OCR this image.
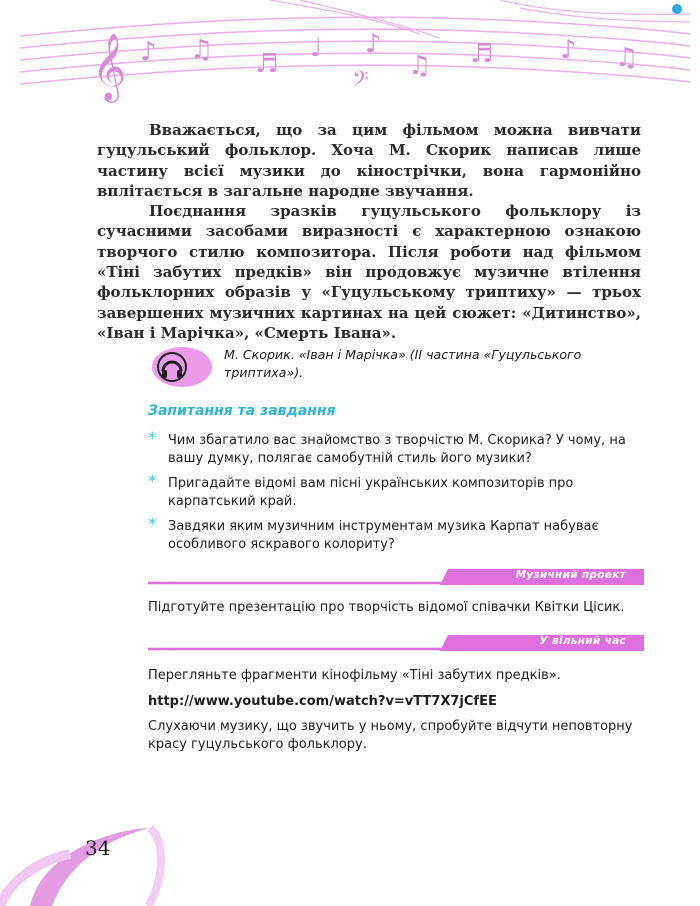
𝄞 ♪ ♫ ♬
♩ ♪
♫ ♬	♪ ♫
𝄢

Вважається, що за цим фільмом можна вивчати гуцульський фольклор. Хоча М. Скорик написав лише частину всієї музики до кінострічки, вона гармонійно вплітається в загальне народне звучання.

Поєднання зразків гуцульського фольклору із сучасними засобами виразності є характерною ознакою творчого стилю композитора. Після роботи над фільмом «Тіні забутих предків» він продовжує музичне втілення фольклорних образів у «Гуцульському триптиху» — трьох завершених музичних картинах на цей сюжет: «Дитинство», «Іван і Марічка», «Смерть Івана».

М. Скорик. «Іван і Марічка» (ІІ частина «Гуцульського триптиха»).
Запитання та завдання
* Чим збагатило вас знайомство з творчістю М. Скорика? У чому, на вашу думку, полягає самобутній стиль його музики?
* Пригадайте відомі вам пісні українських композиторів про карпатський край.
* Завдяки яким музичним інструментам музика Карпат набуває особливого яскравого колориту?
Музичний проект
Підготуйте презентацію про творчість відомої співачки Квітки Цісик.
У вільний час
Перегляньте фрагменти кінофільму «Тіні забутих предків».
http://www.youtube.com/watch?v=vTT7X7jCfEE
Слухаючи музику, що звучить у ньому, спробуйте відчути неповторну красу гуцульського фольклору.
34
